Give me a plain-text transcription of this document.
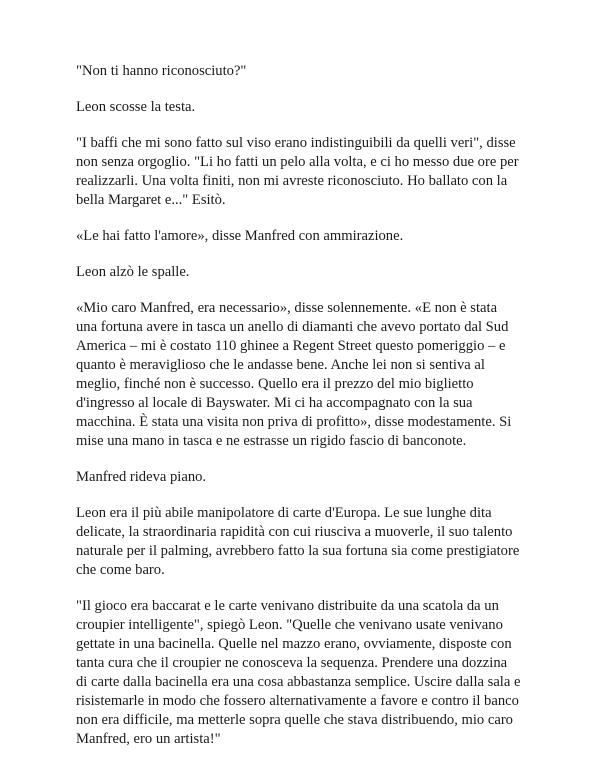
"Non ti hanno riconosciuto?"

Leon scosse la testa.

"I baffi che mi sono fatto sul viso erano indistinguibili da quelli veri", disse
non senza orgoglio. "Li ho fatti un pelo alla volta, e ci ho messo due ore per
realizzarli. Una volta finiti, non mi avreste riconosciuto. Ho ballato con la
bella Margaret e..." Esitò.

«Le hai fatto l'amore», disse Manfred con ammirazione.

Leon alzò le spalle.

«Mio caro Manfred, era necessario», disse solennemente. «E non è stata
una fortuna avere in tasca un anello di diamanti che avevo portato dal Sud
America – mi è costato 110 ghinee a Regent Street questo pomeriggio – e
quanto è meraviglioso che le andasse bene. Anche lei non si sentiva al
meglio, finché non è successo. Quello era il prezzo del mio biglietto
d'ingresso al locale di Bayswater. Mi ci ha accompagnato con la sua
macchina. È stata una visita non priva di profitto», disse modestamente. Si
mise una mano in tasca e ne estrasse un rigido fascio di banconote.

Manfred rideva piano.

Leon era il più abile manipolatore di carte d'Europa. Le sue lunghe dita
delicate, la straordinaria rapidità con cui riusciva a muoverle, il suo talento
naturale per il palming, avrebbero fatto la sua fortuna sia come prestigiatore
che come baro.

"Il gioco era baccarat e le carte venivano distribuite da una scatola da un
croupier intelligente", spiegò Leon. "Quelle che venivano usate venivano
gettate in una bacinella. Quelle nel mazzo erano, ovviamente, disposte con
tanta cura che il croupier ne conosceva la sequenza. Prendere una dozzina
di carte dalla bacinella era una cosa abbastanza semplice. Uscire dalla sala e
risistemarle in modo che fossero alternativamente a favore e contro il banco
non era difficile, ma metterle sopra quelle che stava distribuendo, mio caro
Manfred, ero un artista!"
